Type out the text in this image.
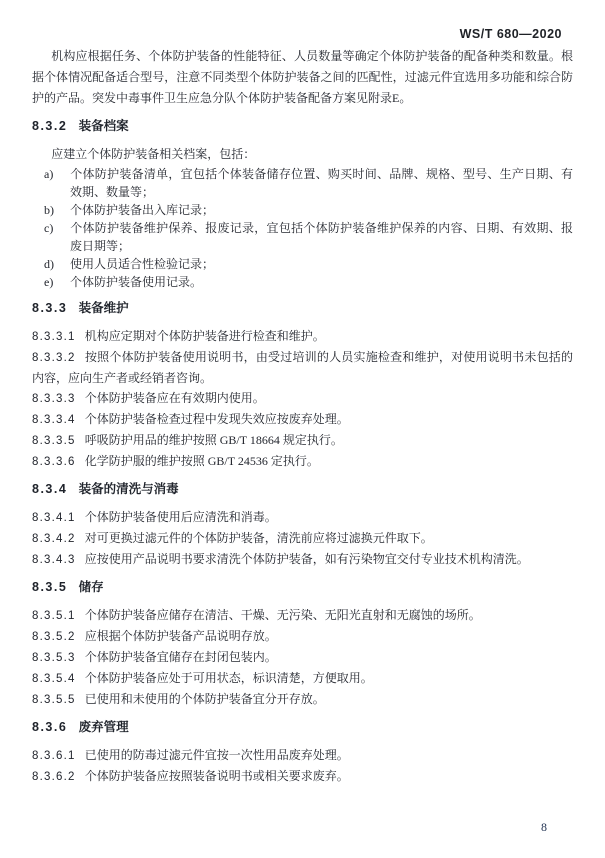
WS/T 680—2020

机构应根据任务、个体防护装备的性能特征、人员数量等确定个体防护装备的配备种类和数量。根据个体情况配备适合型号，注意不同类型个体防护装备之间的匹配性，过滤元件宜选用多功能和综合防护的产品。突发中毒事件卫生应急分队个体防护装备配备方案见附录E。

8.3.2 装备档案

应建立个体防护装备相关档案，包括：

a) 个体防护装备清单，宜包括个体装备储存位置、购买时间、品牌、规格、型号、生产日期、有效期、数量等；
b) 个体防护装备出入库记录；
c) 个体防护装备维护保养、报废记录，宜包括个体防护装备维护保养的内容、日期、有效期、报废日期等；
d) 使用人员适合性检验记录；
e) 个体防护装备使用记录。
8.3.3 装备维护

8.3.3.1 机构应定期对个体防护装备进行检查和维护。

8.3.3.2 按照个体防护装备使用说明书，由受过培训的人员实施检查和维护，对使用说明书未包括的内容，应向生产者或经销者咨询。

8.3.3.3 个体防护装备应在有效期内使用。

8.3.3.4 个体防护装备检查过程中发现失效应按废弃处理。

8.3.3.5 呼吸防护用品的维护按照 GB/T 18664 规定执行。

8.3.3.6 化学防护服的维护按照 GB/T 24536 定执行。

8.3.4 装备的清洗与消毒

8.3.4.1 个体防护装备使用后应清洗和消毒。

8.3.4.2 对可更换过滤元件的个体防护装备，清洗前应将过滤换元件取下。

8.3.4.3 应按使用产品说明书要求清洗个体防护装备，如有污染物宜交付专业技术机构清洗。

8.3.5 储存

8.3.5.1 个体防护装备应储存在清洁、干燥、无污染、无阳光直射和无腐蚀的场所。

8.3.5.2 应根据个体防护装备产品说明存放。

8.3.5.3 个体防护装备宜储存在封闭包装内。

8.3.5.4 个体防护装备应处于可用状态，标识清楚，方便取用。

8.3.5.5 已使用和未使用的个体防护装备宜分开存放。

8.3.6 废弃管理

8.3.6.1 已使用的防毒过滤元件宜按一次性用品废弃处理。

8.3.6.2 个体防护装备应按照装备说明书或相关要求废弃。

8
